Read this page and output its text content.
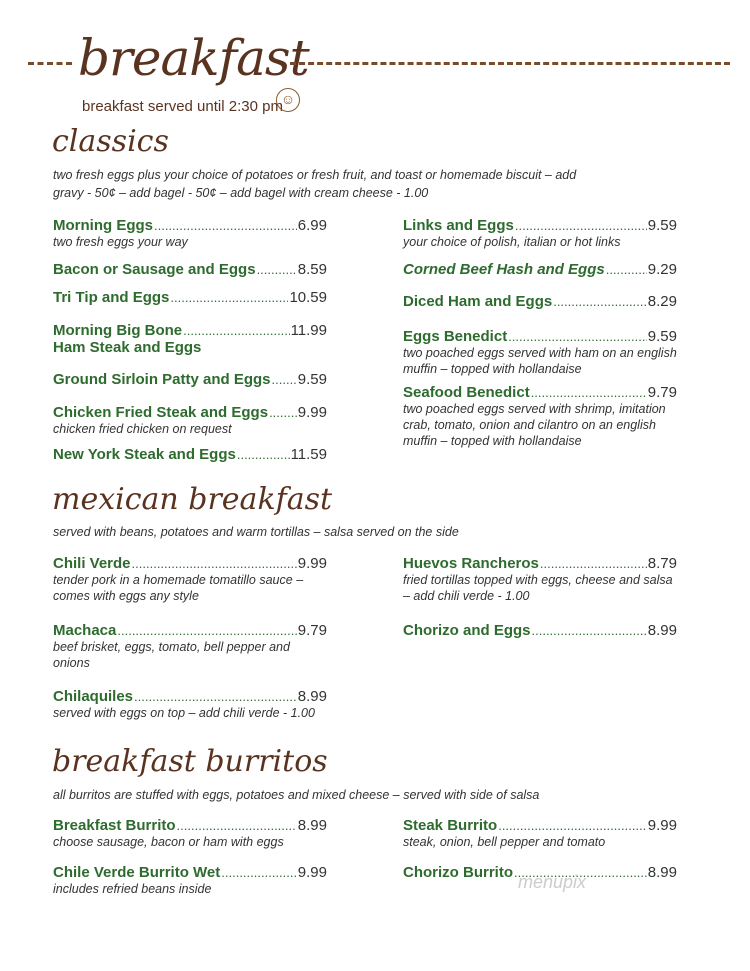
breakfast
breakfast served until 2:30 pm
☺
classics
two fresh eggs plus your choice of potatoes or fresh fruit, and toast or homemade biscuit – add
gravy - 50¢ – add bagel - 50¢ – add bagel with cream cheese - 1.00
Morning Eggs .....	6.99
two fresh eggs your way
Bacon or Sausage and Eggs .....	8.59
Tri Tip and Eggs .....	10.59
Morning Big Bone .....	11.99
Ham Steak and Eggs
Ground Sirloin Patty and Eggs ..... 9.59
Chicken Fried Steak and Eggs ..... 9.99
chicken fried chicken on request
New York Steak and Eggs .....	11.59
Links and Eggs .....	9.59
your choice of polish, italian or hot links
Corned Beef Hash and Eggs .....	9.29
Diced Ham and Eggs .....	8.29
Eggs Benedict .....	9.59
two poached eggs served with ham on an english muffin – topped with hollandaise
Seafood Benedict .....	9.79
two poached eggs served with shrimp, imitation crab, tomato, onion and cilantro on an english muffin – topped with hollandaise
mexican breakfast
served with beans, potatoes and warm tortillas – salsa served on the side
Chili Verde .....	9.99
tender pork in a homemade tomatillo sauce – comes with eggs any style
Machaca .....	9.79
beef brisket, eggs, tomato, bell pepper and onions
Chilaquiles .....	8.99
served with eggs on top – add chili verde - 1.00
Huevos Rancheros .....	8.79
fried tortillas topped with eggs, cheese and salsa – add chili verde - 1.00
Chorizo and Eggs .....	8.99
breakfast burritos
all burritos are stuffed with eggs, potatoes and mixed cheese – served with side of salsa
Breakfast Burrito .....	8.99
choose sausage, bacon or ham with eggs
Chile Verde Burrito Wet .....	9.99
includes refried beans inside
Steak Burrito .....	9.99
steak, onion, bell pepper and tomato
Chorizo Burrito .....	8.99
menupix
